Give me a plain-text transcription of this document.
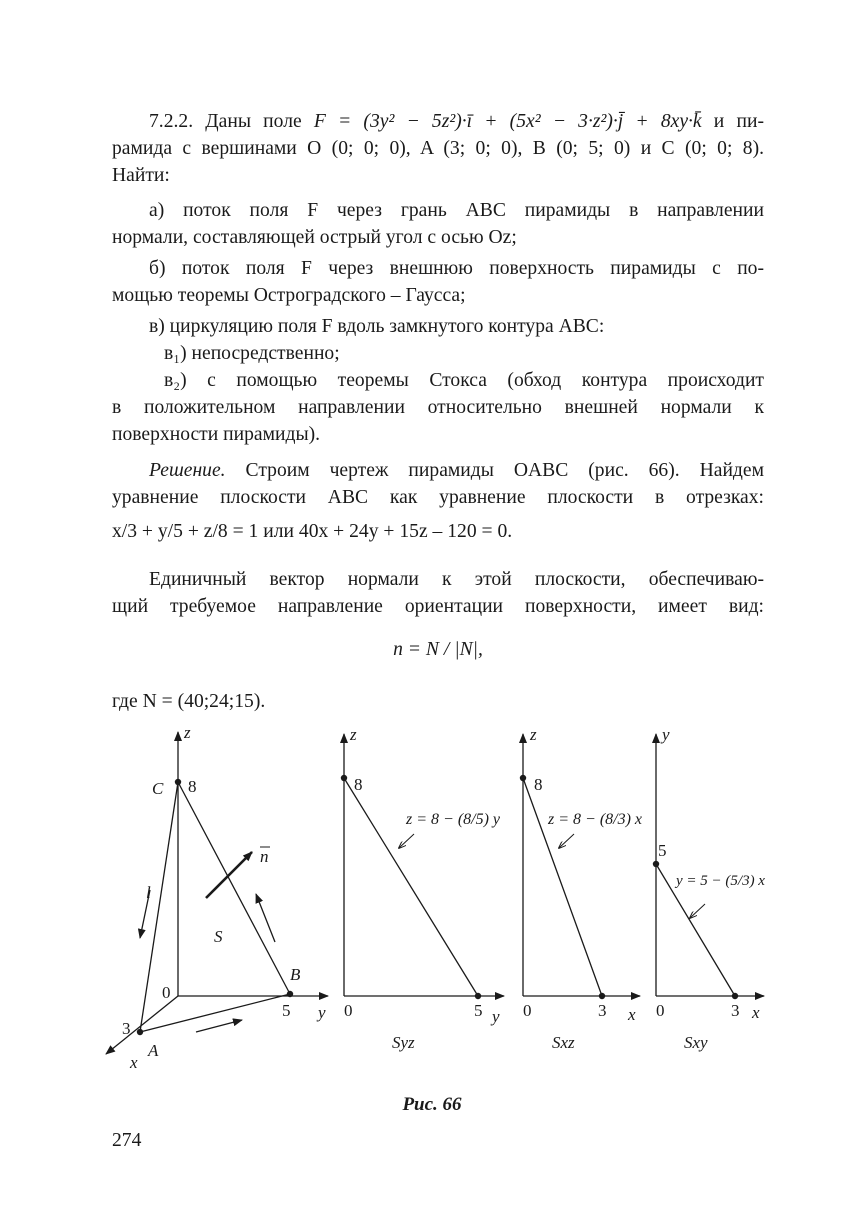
7.2.2. Даны поле F = (3y² − 5z²)·ī + (5x² − 3·z²)·j̄ + 8xy·k̄ и пи-

рамида с вершинами O (0; 0; 0), A (3; 0; 0), B (0; 5; 0) и C (0; 0; 8).

Найти:

а) поток поля F через грань ABC пирамиды в направлении

нормали, составляющей острый угол с осью Oz;

б) поток поля F через внешнюю поверхность пирамиды с по-

мощью теоремы Остроградского – Гаусса;

в) циркуляцию поля F вдоль замкнутого контура ABC:

в₁) непосредственно;

в₂) с помощью теоремы Стокса (обход контура происходит

в положительном направлении относительно внешней нормали к

поверхности пирамиды).

Решение. Строим чертеж пирамиды OABC (рис. 66). Найдем

уравнение плоскости ABC как уравнение плоскости в отрезках:

x/3 + y/5 + z/8 = 1 или 40x + 24y + 15z – 120 = 0.

Единичный вектор нормали к этой плоскости, обеспечиваю-

щий требуемое направление ориентации поверхности, имеет вид:

n = N / |N|,

где N = (40;24;15).

z
C 8
n
l
S
B
0
5 y
3
A
x
z
8
0	5 y
Syz
z = 8 − (8/5) y
z
8
0	3 x
Sxz
z = 8 − (8/3) x
y
5
0	3 x
Sxy
y = 5 − (5/3) x
Рис. 66
274
